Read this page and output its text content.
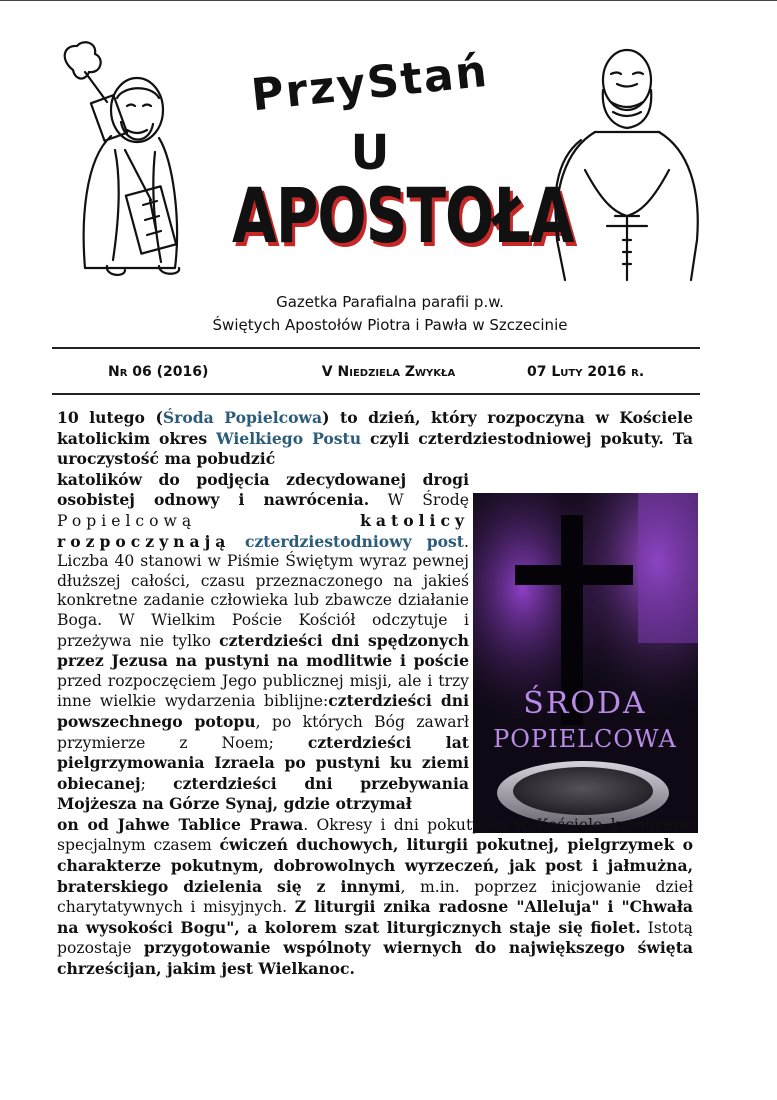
PrzyStań
U
APOSTOŁA
Gazetka Parafialna parafii p.w.
Świętych Apostołów Piotra i Pawła w Szczecinie
Nr 06 (2016)	V Niedziela Zwykła	07 Luty 2016 r.
ŚRODA
POPIELCOWA
10 lutego (Środa Popielcowa) to dzień, który rozpoczyna w Kościele katolickim okres Wielkiego Postu czyli czterdziestodniowej pokuty. Ta uroczystość ma pobudzić
katolików do podjęcia zdecydowanej drogi osobistej odnowy i nawrócenia. W Środę Popielcową	katolicy rozpoczynają czterdziestodniowy post. Liczba 40 stanowi w Piśmie Świętym wyraz pewnej dłuższej całości, czasu przeznaczonego na jakieś konkretne zadanie człowieka lub zbawcze działanie Boga. W Wielkim Poście Kościół odczytuje i przeżywa nie tylko czterdzieści dni spędzonych przez Jezusa na pustyni na modlitwie i poście przed rozpoczęciem Jego publicznej misji, ale i trzy inne wielkie wydarzenia biblijne:czterdzieści dni powszechnego potopu, po których Bóg zawarł przymierze z Noem; czterdzieści lat pielgrzymowania Izraela po pustyni ku ziemi obiecanej; czterdzieści dni przebywania Mojżesza na Górze Synaj, gdzie otrzymał
on od Jahwe Tablice Prawa. Okresy i dni pokuty są w Kościele katolickim specjalnym czasem ćwiczeń duchowych, liturgii pokutnej, pielgrzymek o charakterze pokutnym, dobrowolnych wyrzeczeń, jak post i jałmużna, braterskiego dzielenia się z innymi, m.in. poprzez inicjowanie dzieł charytatywnych i misyjnych. Z liturgii znika radosne "Alleluja" i "Chwała na wysokości Bogu", a kolorem szat liturgicznych staje się fiolet. Istotą pozostaje przygotowanie wspólnoty wiernych do największego święta chrześcijan, jakim jest Wielkanoc.
